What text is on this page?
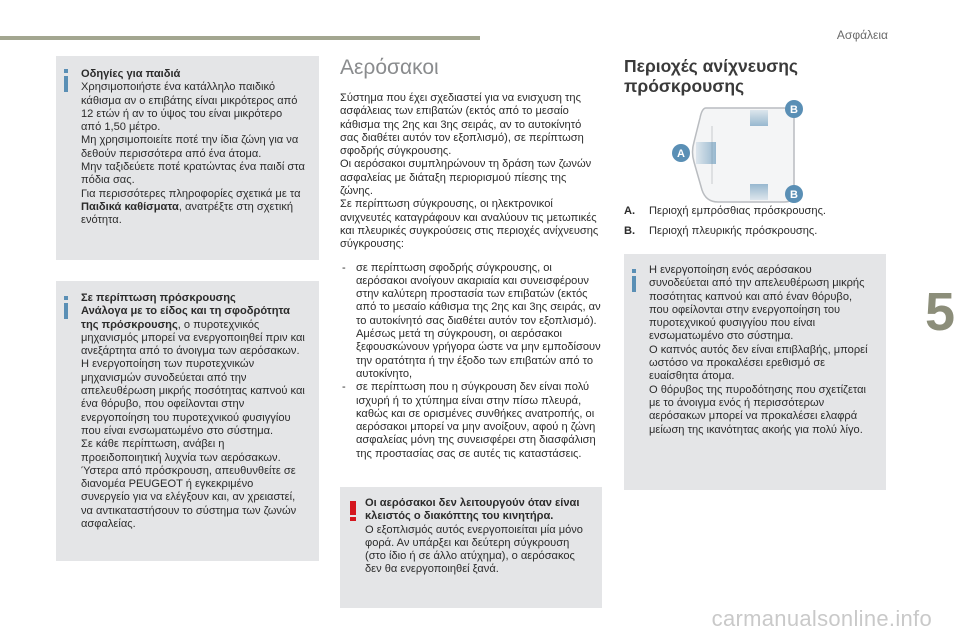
Ασφάλεια
5
carmanualsonline.info
Οδηγίες για παιδιά
Χρησιμοποιήστε ένα κατάλληλο παιδικό κάθισμα αν ο επιβάτης είναι μικρότερος από 12 ετών ή αν το ύψος του είναι μικρότερο από 1,50 μέτρο.
Μη χρησιμοποιείτε ποτέ την ίδια ζώνη για να δεθούν περισσότερα από ένα άτομα.
Μην ταξιδεύετε ποτέ κρατώντας ένα παιδί στα πόδια σας.
Για περισσότερες πληροφορίες σχετικά με τα Παιδικά καθίσματα, ανατρέξτε στη σχετική ενότητα.
Σε περίπτωση πρόσκρουσης
Ανάλογα με το είδος και τη σφοδρότητα της πρόσκρουσης, ο πυροτεχνικός μηχανισμός μπορεί να ενεργοποιηθεί πριν και ανεξάρτητα από το άνοιγμα των αερόσακων. Η ενεργοποίηση των πυροτεχνικών μηχανισμών συνοδεύεται από την απελευθέρωση μικρής ποσότητας καπνού και ένα θόρυβο, που οφείλονται στην ενεργοποίηση του πυροτεχνικού φυσιγγίου που είναι ενσωματωμένο στο σύστημα.
Σε κάθε περίπτωση, ανάβει η προειδοποιητική λυχνία των αερόσακων.
Ύστερα από πρόσκρουση, απευθυνθείτε σε διανομέα PEUGEOT ή εγκεκριμένο συνεργείο για να ελέγξουν και, αν χρειαστεί, να αντικαταστήσουν το σύστημα των ζωνών ασφαλείας.
Αερόσακοι

Σύστημα που έχει σχεδιαστεί για να ενισχυση της ασφάλειας των επιβατών (εκτός από το μεσαίο κάθισμα της 2ης και 3ης σειράς, αν το αυτοκίνητό σας διαθέτει αυτόν τον εξοπλισμό), σε περίπτωση σφοδρής σύγκρουσης.
Οι αερόσακοι συμπληρώνουν τη δράση των ζωνών ασφαλείας με διάταξη περιορισμού πίεσης της ζώνης.
Σε περίπτωση σύγκρουσης, οι ηλεκτρονικοί ανιχνευτές καταγράφουν και αναλύουν τις μετωπικές και πλευρικές συγκρούσεις στις περιοχές ανίχνευσης σύγκρουσης:

- σε περίπτωση σφοδρής σύγκρουσης, οι αερόσακοι ανοίγουν ακαριαία και συνεισφέρουν στην καλύτερη προστασία των επιβατών (εκτός από το μεσαίο κάθισμα της 2ης και 3ης σειράς, αν το αυτοκίνητό σας διαθέτει αυτόν τον εξοπλισμό). Αμέσως μετά τη σύγκρουση, οι αερόσακοι ξεφουσκώνουν γρήγορα ώστε να μην εμποδίσουν την ορατότητα ή την έξοδο των επιβατών από το αυτοκίνητο,
- σε περίπτωση που η σύγκρουση δεν είναι πολύ ισχυρή ή το χτύπημα είναι στην πίσω πλευρά, καθώς και σε ορισμένες συνθήκες ανατροπής, οι αερόσακοι μπορεί να μην ανοίξουν, αφού η ζώνη ασφαλείας μόνη της συνεισφέρει στη διασφάλιση της προστασίας σας σε αυτές τις καταστάσεις.
Οι αερόσακοι δεν λειτουργούν όταν είναι κλειστός ο διακόπτης του κινητήρα.
Ο εξοπλισμός αυτός ενεργοποιείται μία μόνο φορά. Αν υπάρξει και δεύτερη σύγκρουση (στο ίδιο ή σε άλλο ατύχημα), ο αερόσακος δεν θα ενεργοποιηθεί ξανά.
Περιοχές ανίχνευσης πρόσκρουσης
A
B
B
A.	Περιοχή εμπρόσθιας πρόσκρουσης.
B.	Περιοχή πλευρικής πρόσκρουσης.
Η ενεργοποίηση ενός αερόσακου συνοδεύεται από την απελευθέρωση μικρής ποσότητας καπνού και από έναν θόρυβο, που οφείλονται στην ενεργοποίηση του πυροτεχνικού φυσιγγίου που είναι ενσωματωμένο στο σύστημα.
Ο καπνός αυτός δεν είναι επιβλαβής, μπορεί ωστόσο να προκαλέσει ερεθισμό σε ευαίσθητα άτομα.
Ο θόρυβος της πυροδότησης που σχετίζεται με το άνοιγμα ενός ή περισσότερων αερόσακων μπορεί να προκαλέσει ελαφρά μείωση της ικανότητας ακοής για πολύ λίγο.
